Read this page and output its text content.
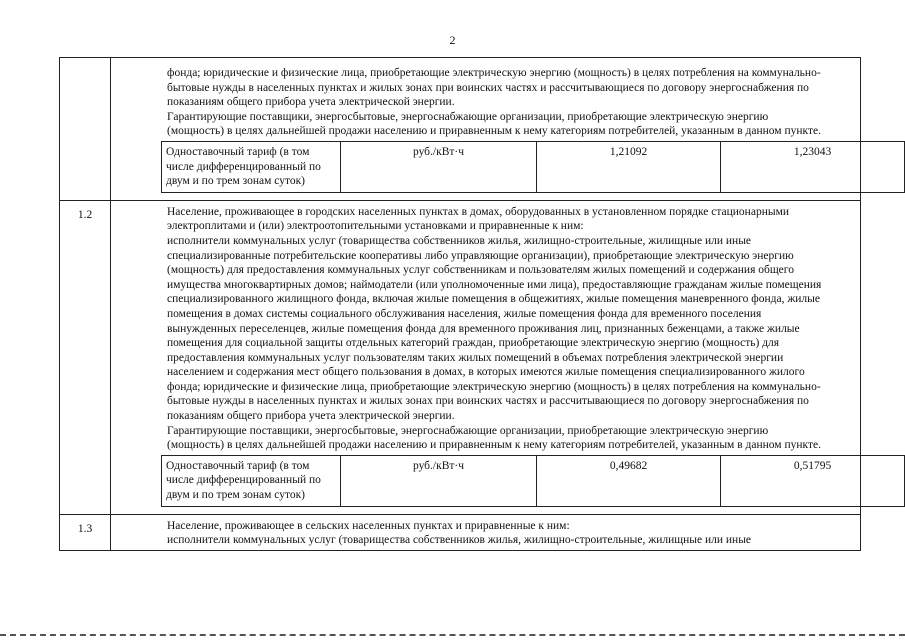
2

фонда; юридические и физические лица, приобретающие электрическую энергию (мощность) в целях потребления на коммунально-
бытовые нужды в населенных пунктах и жилых зонах при воинских частях и рассчитывающиеся по договору энергоснабжения по
показаниям общего прибора учета электрической энергии.
Гарантирующие поставщики, энергосбытовые, энергоснабжающие организации, приобретающие электрическую энергию
(мощность) в целях дальнейшей продажи населению и приравненным к нему категориям потребителей, указанным в данном пункте.
Одноставочный тариф (в том числе дифференцированный по двум и по трем зонам суток)	руб./кВт·ч	1,21092	1,23043

1.2	Население, проживающее в городских населенных пунктах в домах, оборудованных в установленном порядке стационарными
электроплитами и (или) электроотопительными установками и приравненные к ним:
исполнители коммунальных услуг (товарищества собственников жилья, жилищно-строительные, жилищные или иные
специализированные потребительские кооперативы либо управляющие организации), приобретающие электрическую энергию
(мощность) для предоставления коммунальных услуг собственникам и пользователям жилых помещений и содержания общего
имущества многоквартирных домов; наймодатели (или уполномоченные ими лица), предоставляющие гражданам жилые помещения
специализированного жилищного фонда, включая жилые помещения в общежитиях, жилые помещения маневренного фонда, жилые
помещения в домах системы социального обслуживания населения, жилые помещения фонда для временного поселения
вынужденных переселенцев, жилые помещения фонда для временного проживания лиц, признанных беженцами, а также жилые
помещения для социальной защиты отдельных категорий граждан, приобретающие электрическую энергию (мощность) для
предоставления коммунальных услуг пользователям таких жилых помещений в объемах потребления электрической энергии
населением и содержания мест общего пользования в домах, в которых имеются жилые помещения специализированного жилого
фонда; юридические и физические лица, приобретающие электрическую энергию (мощность) в целях потребления на коммунально-
бытовые нужды в населенных пунктах и жилых зонах при воинских частях и рассчитывающиеся по договору энергоснабжения по
показаниям общего прибора учета электрической энергии.
Гарантирующие поставщики, энергосбытовые, энергоснабжающие организации, приобретающие электрическую энергию
(мощность) в целях дальнейшей продажи населению и приравненным к нему категориям потребителей, указанным в данном пункте.
Одноставочный тариф (в том числе дифференцированный по двум и по трем зонам суток)	руб./кВт·ч	0,49682	0,51795

1.3	Население, проживающее в сельских населенных пунктах и приравненные к ним:
исполнители коммунальных услуг (товарищества собственников жилья, жилищно-строительные, жилищные или иные
